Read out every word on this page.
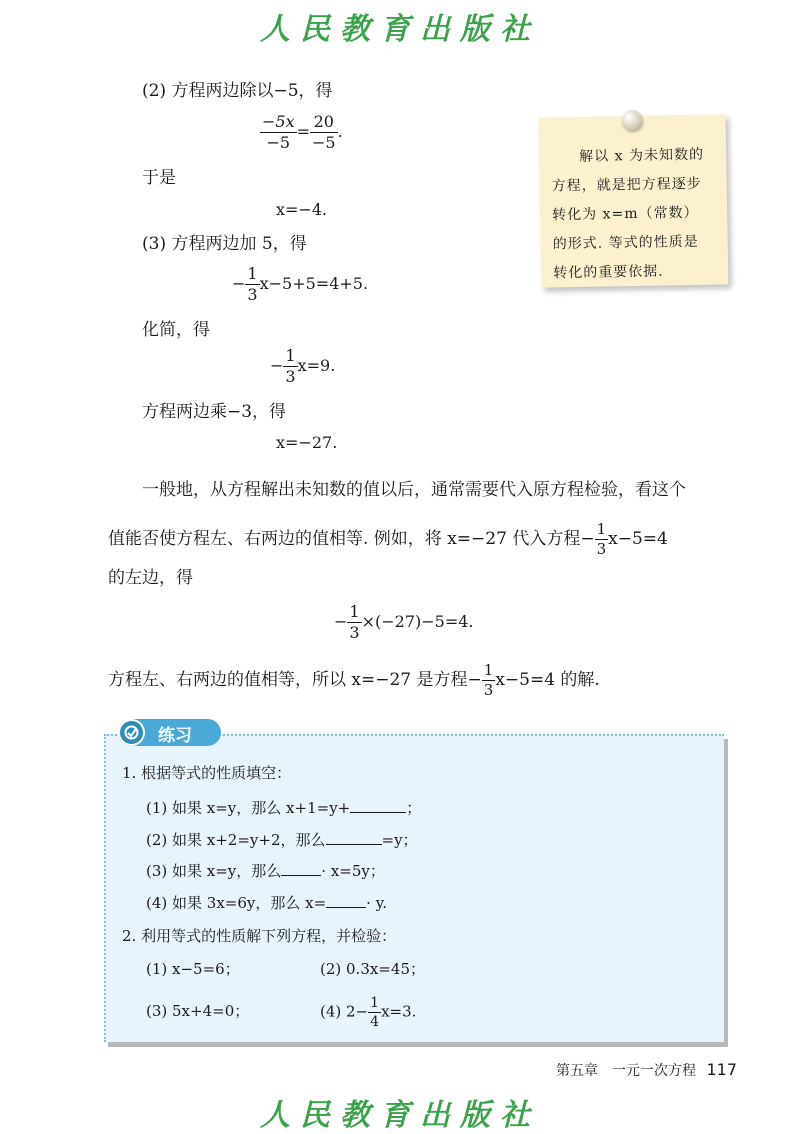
人民教育出版社
(2) 方程两边除以−5，得
$\frac{-5x}{-5} = \frac{20}{-5}$ .
于是
x=−4.
(3) 方程两边加 5，得
− $\frac{1}{3} x-5+5=4+5$.
化简，得
− $\frac{1}{3} x=9$.
方程两边乘−3，得
x=−27.
一般地，从方程解出未知数的值以后，通常需要代入原方程检验，看这个
值能否使方程左、右两边的值相等. 例如，将 x=−27 代入方程− $\frac{1}{3} x-5=4$
的左边，得
− $\frac{1}{3} \times(-27)-5=4$.
方程左、右两边的值相等，所以 x=−27 是方程− $\frac{1}{3} x-5=4$ 的解.
解以 x 为未知数的
方程，就是把方程逐步
转化为 x=m（常数）
的形式. 等式的性质是
转化的重要依据.
练习
1. 根据等式的性质填空：
(1) 如果 x=y，那么 x+1=y+	；
(2) 如果 x+2=y+2，那么	=y；
(3) 如果 x=y，那么	· x=5y；
(4) 如果 3x=6y，那么 x=	· y.
2. 利用等式的性质解下列方程，并检验：
(1) x−5=6；	(2) 0.3x=45；
(3) 5x+4=0；	(4) $2- \frac{1}{4} x=3$.
第五章　一元一次方程 117
人民教育出版社
